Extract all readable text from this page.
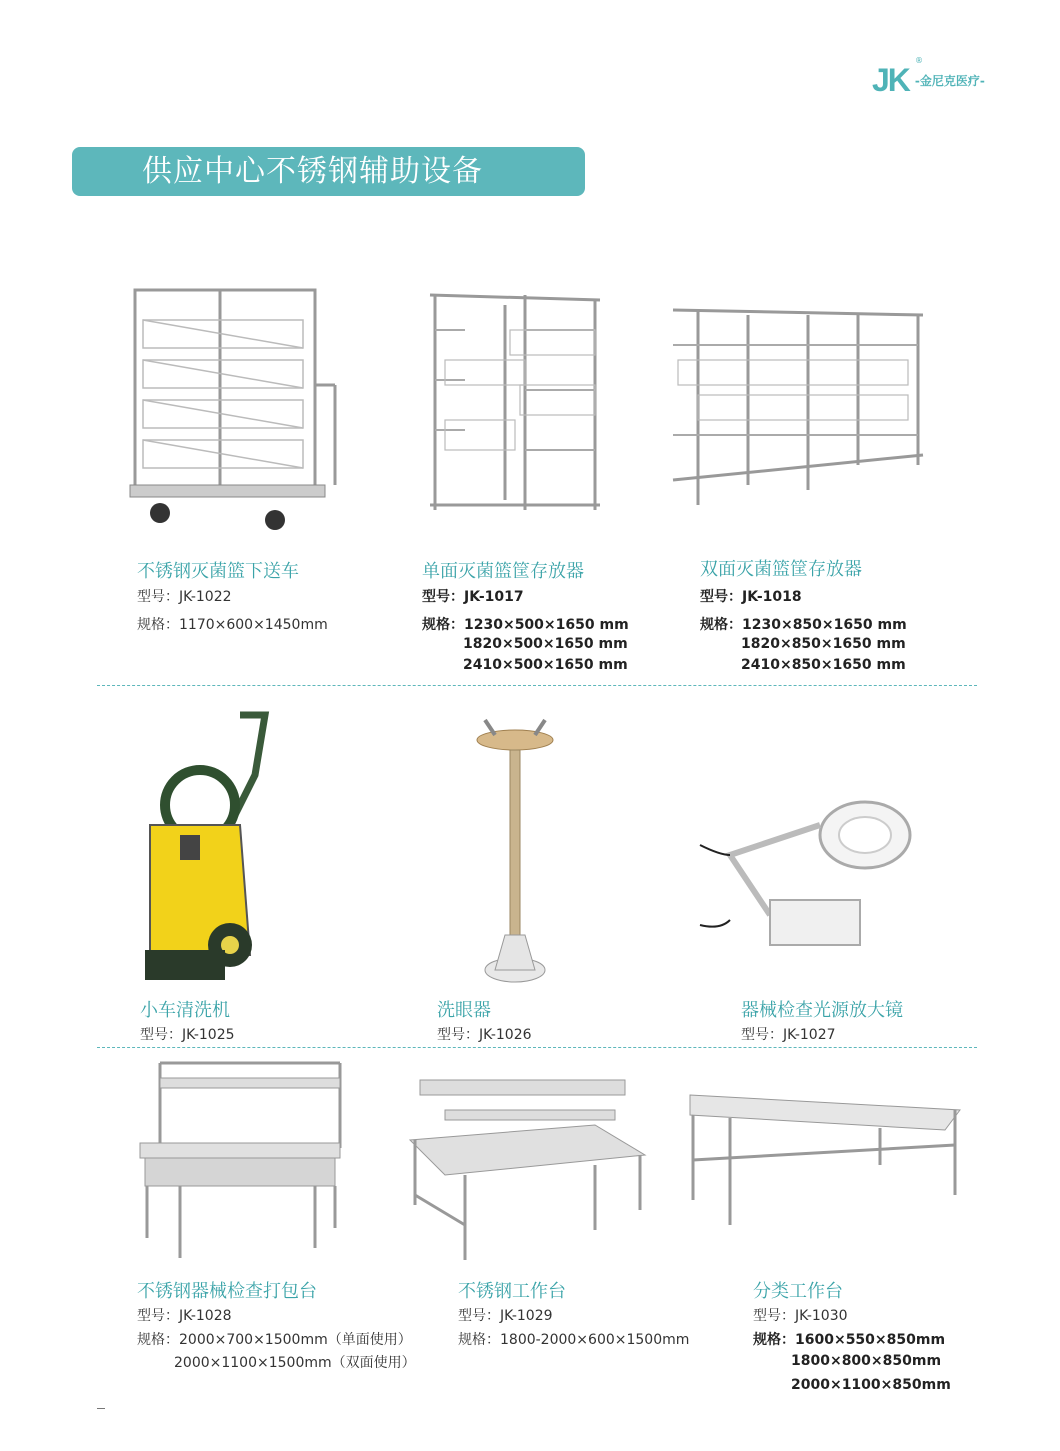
JK
®
-金尼克医疗-
供应中心不锈钢辅助设备
不锈钢灭菌篮下送车
型号：JK-1022
规格：1170×600×1450mm
单面灭菌篮筐存放器
型号：JK-1017
规格：1230×500×1650 mm
1820×500×1650 mm
2410×500×1650 mm
双面灭菌篮筐存放器
型号：JK-1018
规格：1230×850×1650 mm
1820×850×1650 mm
2410×850×1650 mm
小车清洗机
型号：JK-1025
洗眼器
型号：JK-1026
器械检查光源放大镜
型号：JK-1027
不锈钢器械检查打包台
型号：JK-1028
规格：2000×700×1500mm（单面使用）
2000×1100×1500mm（双面使用）
不锈钢工作台
型号：JK-1029
规格：1800-2000×600×1500mm
分类工作台
型号：JK-1030
规格：1600×550×850mm
1800×800×850mm
2000×1100×850mm
